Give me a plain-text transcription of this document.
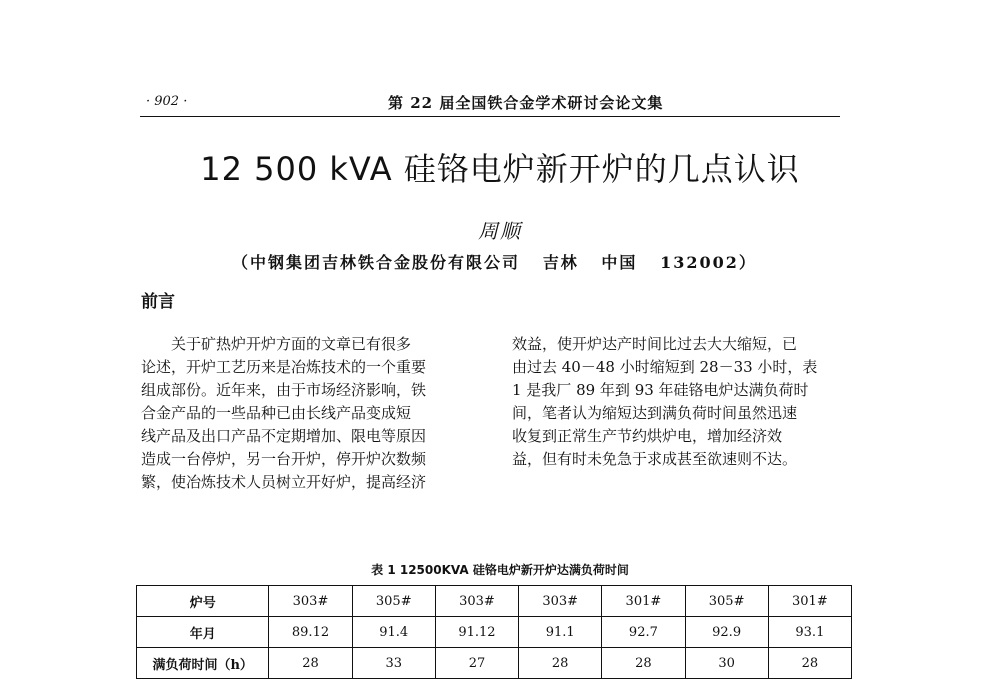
· 902 ·	第 22 届全国铁合金学术研讨会论文集
12 500 kVA 硅铬电炉新开炉的几点认识
周顺
（中钢集团吉林铁合金股份有限公司   吉林   中国   132002）
前言

　　关于矿热炉开炉方面的文章已有很多

论述，开炉工艺历来是冶炼技术的一个重要

组成部份。近年来，由于市场经济影响，铁

合金产品的一些品种已由长线产品变成短

线产品及出口产品不定期增加、限电等原因

造成一台停炉，另一台开炉，停开炉次数频

繁，使冶炼技术人员树立开好炉，提高经济

效益，使开炉达产时间比过去大大缩短，已

由过去 40－48 小时缩短到 28－33 小时，表

1 是我厂 89 年到 93 年硅铬电炉达满负荷时

间，笔者认为缩短达到满负荷时间虽然迅速

收复到正常生产节约烘炉电，增加经济效

益，但有时未免急于求成甚至欲速则不达。

表 1 12500KVA 硅铬电炉新开炉达满负荷时间
炉号	303#	305#	303#	303#	301#	305#	301#
年月	89.12	91.4	91.12	91.1	92.7	92.9	93.1
满负荷时间（h）	28	33	27	28	28	30	28
